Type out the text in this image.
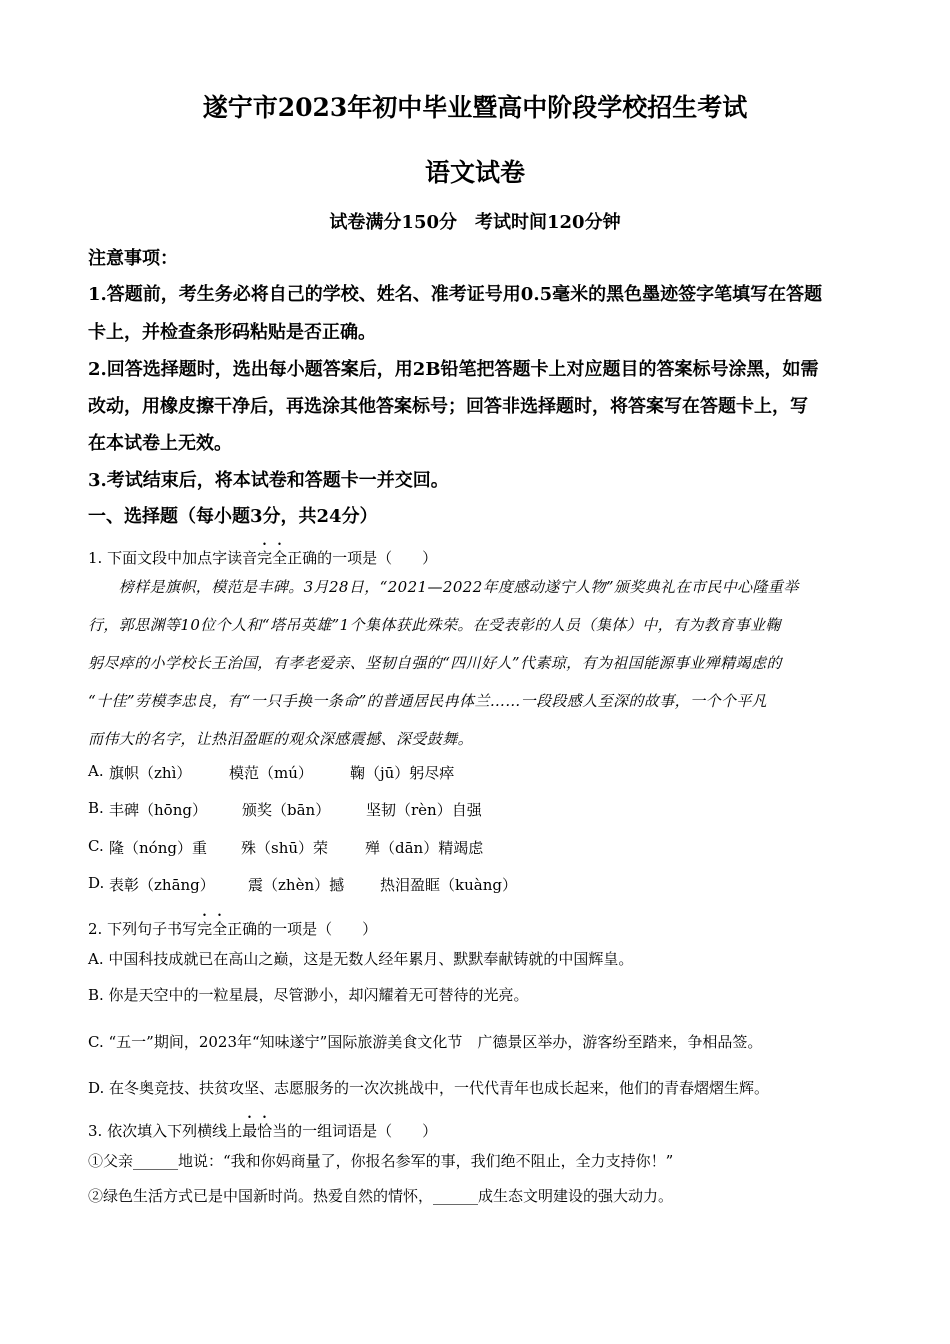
遂宁市2023年初中毕业暨高中阶段学校招生考试
语文试卷
试卷满分150分　考试时间120分钟
注意事项：
1.答题前，考生务必将自己的学校、姓名、准考证号用0.5毫米的黑色墨迹签字笔填写在答题
卡上，并检查条形码粘贴是否正确。
2.回答选择题时，选出每小题答案后，用2B铅笔把答题卡上对应题目的答案标号涂黑，如需
改动，用橡皮擦干净后，再选涂其他答案标号；回答非选择题时，将答案写在答题卡上，写
在本试卷上无效。
3.考试结束后，将本试卷和答题卡一并交回。
一、选择题（每小题3分，共24分）
1. 下面文段中加点字读音完全正确的一项是（　　）
　　榜样是旗帜，模范是丰碑。3月28日，“2021—2022年度感动遂宁人物”颁奖典礼在市民中心隆重举
行，郭思渊等10位个人和“塔吊英雄”1个集体获此殊荣。在受表彰的人员（集体）中，有为教育事业鞠
躬尽瘁的小学校长王治国，有孝老爱亲、坚韧自强的“四川好人”代素琼，有为祖国能源事业殚精竭虑的
“十佳”劳模李忠良，有“一只手换一条命”的普通居民冉体兰……一段段感人至深的故事，一个个平凡
而伟大的名字，让热泪盈眶的观众深感震撼、深受鼓舞。
A. 旗帜（zhì）	模范（mú） 鞠（jū）躬尽瘁
B. 丰碑（hōng） 颁奖（bān） 坚韧（rèn）自强
C. 隆（nóng）重 殊（shū）荣 殚（dān）精竭虑
D. 表彰（zhāng） 震（zhèn）撼 热泪盈眶（kuàng）
2. 下列句子书写完全正确的一项是（　　）
A. 中国科技成就已在高山之巅，这是无数人经年累月、默默奉献铸就的中国辉皇。
B. 你是天空中的一粒星晨，尽管渺小，却闪耀着无可替待的光亮。
C. “五一”期间，2023年“知味遂宁”国际旅游美食文化节　广德景区举办，游客纷至踏来，争相品签。
D. 在冬奥竞技、扶贫攻坚、志愿服务的一次次挑战中，一代代青年也成长起来，他们的青春熠熠生辉。
3. 依次填入下列横线上最恰当的一组词语是（　　）
①父亲______地说：“我和你妈商量了，你报名参军的事，我们绝不阻止，全力支持你！”
②绿色生活方式已是中国新时尚。热爱自然的情怀，______成生态文明建设的强大动力。
